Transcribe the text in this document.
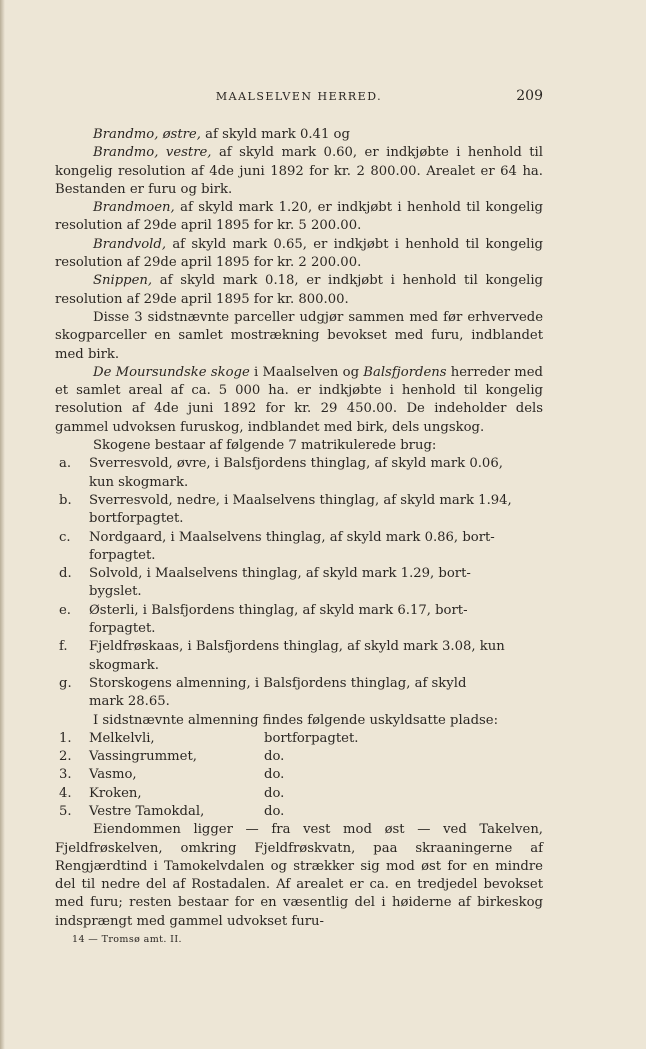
MAALSELVEN HERRED.	209

Brandmo, østre, af skyld mark 0.41 og

Brandmo, vestre, af skyld mark 0.60, er indkjøbte i henhold til kongelig resolution af 4de juni 1892 for kr. 2 800.00. Arealet er 64 ha. Bestanden er furu og birk.

Brandmoen, af skyld mark 1.20, er indkjøbt i henhold til kongelig resolution af 29de april 1895 for kr. 5 200.00.

Brandvold, af skyld mark 0.65, er indkjøbt i henhold til kongelig resolution af 29de april 1895 for kr. 2 200.00.

Snippen, af skyld mark 0.18, er indkjøbt i henhold til kongelig resolution af 29de april 1895 for kr. 800.00.

Disse 3 sidstnævnte parceller udgjør sammen med før erhvervede skogparceller en samlet mostrækning bevokset med furu, indblandet med birk.

De Moursundske skoge i Maalselven og Balsfjordens herreder med et samlet areal af ca. 5 000 ha. er indkjøbte i henhold til kongelig resolution af 4de juni 1892 for kr. 29 450.00. De indeholder dels gammel udvoksen furuskog, indblandet med birk, dels ungskog.

Skogene bestaar af følgende 7 matrikulerede brug:

a. Sverresvold, øvre, i Balsfjordens thinglag, af skyld mark 0.06,
kun skogmark.
b. Sverresvold, nedre, i Maalselvens thinglag, af skyld mark 1.94,
bortforpagtet.
c. Nordgaard, i Maalselvens thinglag, af skyld mark 0.86, bort-
forpagtet.
d. Solvold, i Maalselvens thinglag, af skyld mark 1.29, bort-
bygslet.
e. Østerli, i Balsfjordens thinglag, af skyld mark 6.17, bort-
forpagtet.
f. Fjeldfrøskaas, i Balsfjordens thinglag, af skyld mark 3.08, kun
skogmark.
g. Storskogens almenning, i Balsfjordens thinglag, af skyld
mark 28.65.

I sidstnævnte almenning findes følgende uskyldsatte pladse:

1. Melkelvli,	bortforpagtet.
2. Vassingrummet,	do.
3. Vasmo,	do.
4. Kroken,	do.
5. Vestre Tamokdal,	do.

Eiendommen ligger — fra vest mod øst — ved Takelven, Fjeldfrøskelven, omkring Fjeldfrøskvatn, paa skraaningerne af Rengjærdtind i Tamokelvdalen og strækker sig mod øst for en mindre del til nedre del af Rostadalen. Af arealet er ca. en tredjedel bevokset med furu; resten bestaar for en væsentlig del i høiderne af birkeskog indsprængt med gammel udvokset furu-

14 — Tromsø amt. II.
